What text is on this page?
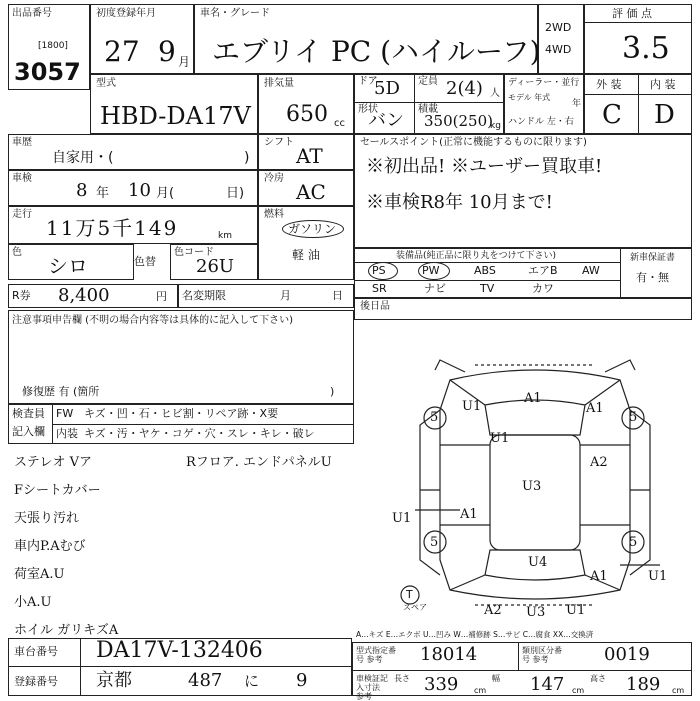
出品番号
[1800]
3057
初度登録年月
27 9 月
車名・グレード
エブリイ PC (ハイルーフ)
2WD
4WD
評 価 点
3.5
型式
HBD-DA17V
排気量
650 cc
ドア
5D 定員 2(4) 人
形状
バン
積載
350(250)
kg
ディーラー・並行
モデル 年式
年
ハンドル 左・右
外 装	内 装
C D
車歴
自家用・(	)
シフト
AT
車検
8 年 10 月(	日)
冷房
AC
走行
11万5千149	km
燃料
ガソリン
軽 油
色
シロ	色替
色コード
26U
R券 8,400	円 名変期限	月	日
注意事項申告欄 (不明の場合内容等は具体的に記入して下さい)
修復歴 有 (箇所	)
セールスポイント(正常に機能するものに限ります)
※初出品! ※ユーザー買取車!
※車検R8年 10月まで!
装備品(純正品に限り丸をつけて下さい)	新車保証書
有・無
PS	PW	ABS	エアB AW
SR	ナビ	TV	カワ
後日品
検査員
記入欄
FW キズ・凹・石・ヒビ割・リペア跡・X要
内装 キズ・汚・ヤケ・コゲ・穴・スレ・キレ・破レ
ステレオ Vア
Fシートカバー
天張り汚れ
車内P.Aむび
荷室A.U
小A.U
ホイル ガリキズA
Rフロア. エンドパネルU
U1
A1
A1
A2
U3
U1	A1
U4
A1	U1
A2 U3 U1
U1
5	5
5	5
T
スペア
A…キズ E…エクボ U…凹み W…補修跡 S…サビ C…腐食 XX…交換済
車台番号 DA17V-132406
登録番号 京都	487 に 9
型式指定番号 参考	18014	類別区分番号 参考	0019
車検証記入寸法 参考
長さ 339 cm
幅 147 cm
高さ 189 cm
